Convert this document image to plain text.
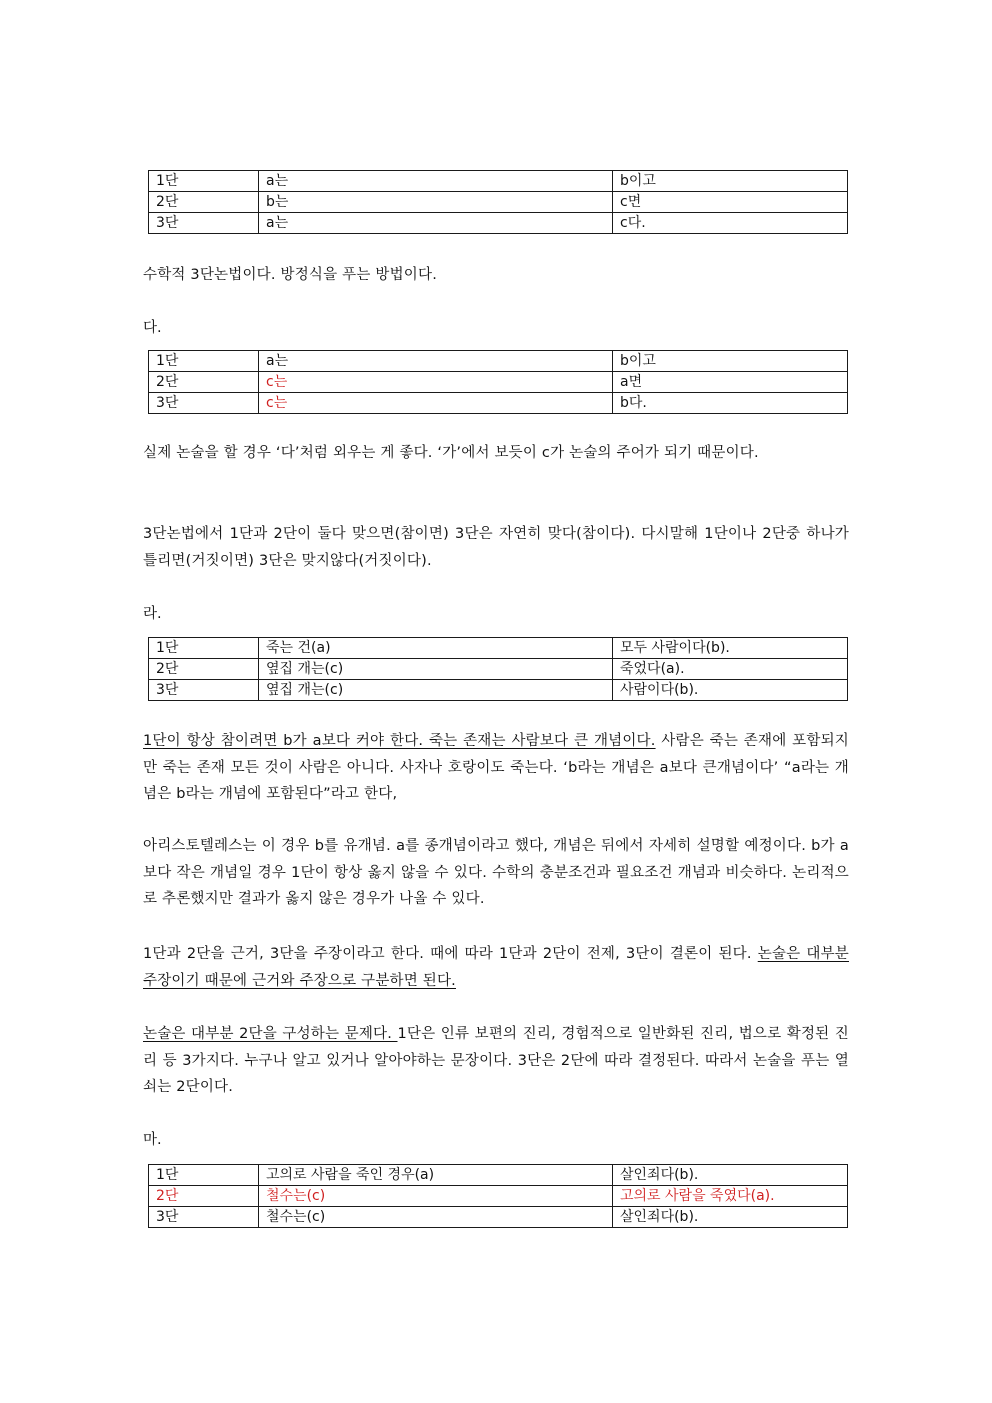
1단	a는	b이고
2단	b는	c면
3단	a는	c다.

수학적 3단논법이다. 방정식을 푸는 방법이다.

다.

1단	a는	b이고
2단	c는	a면
3단	c는	b다.

실제 논술을 할 경우 ‘다’처럼 외우는 게 좋다. ‘가’에서 보듯이 c가 논술의 주어가 되기 때문이다.

3단논법에서 1단과 2단이 둘다 맞으면(참이면) 3단은 자연히 맞다(참이다). 다시말해 1단이나 2단중 하나가 틀리면(거짓이면) 3단은 맞지않다(거짓이다).

라.

1단	죽는 건(a)	모두 사람이다(b).
2단	옆집 개는(c)	죽었다(a).
3단	옆집 개는(c)	사람이다(b).

1단이 항상 참이려면 b가 a보다 커야 한다. 죽는 존재는 사람보다 큰 개념이다. 사람은 죽는 존재에 포함되지만 죽는 존재 모든 것이 사람은 아니다. 사자나 호랑이도 죽는다. ‘b라는 개념은 a보다 큰개념이다’ “a라는 개념은 b라는 개념에 포함된다”라고 한다,

아리스토텔레스는 이 경우 b를 유개념. a를 종개념이라고 했다, 개념은 뒤에서 자세히 설명할 예정이다. b가 a보다 작은 개념일 경우 1단이 항상 옳지 않을 수 있다. 수학의 충분조건과 필요조건 개념과 비슷하다. 논리적으로 추론했지만 결과가 옳지 않은 경우가 나올 수 있다.

1단과 2단을 근거, 3단을 주장이라고 한다. 때에 따라 1단과 2단이 전제, 3단이 결론이 된다. 논술은 대부분 주장이기 때문에 근거와 주장으로 구분하면 된다.

논술은 대부분 2단을 구성하는 문제다. 1단은 인류 보편의 진리, 경험적으로 일반화된 진리, 법으로 확정된 진리 등 3가지다. 누구나 알고 있거나 알아야하는 문장이다. 3단은 2단에 따라 결정된다. 따라서 논술을 푸는 열쇠는 2단이다.

마.

1단	고의로 사람을 죽인 경우(a)	살인죄다(b).
2단	철수는(c)	고의로 사람을 죽였다(a).
3단	철수는(c)	살인죄다(b).
